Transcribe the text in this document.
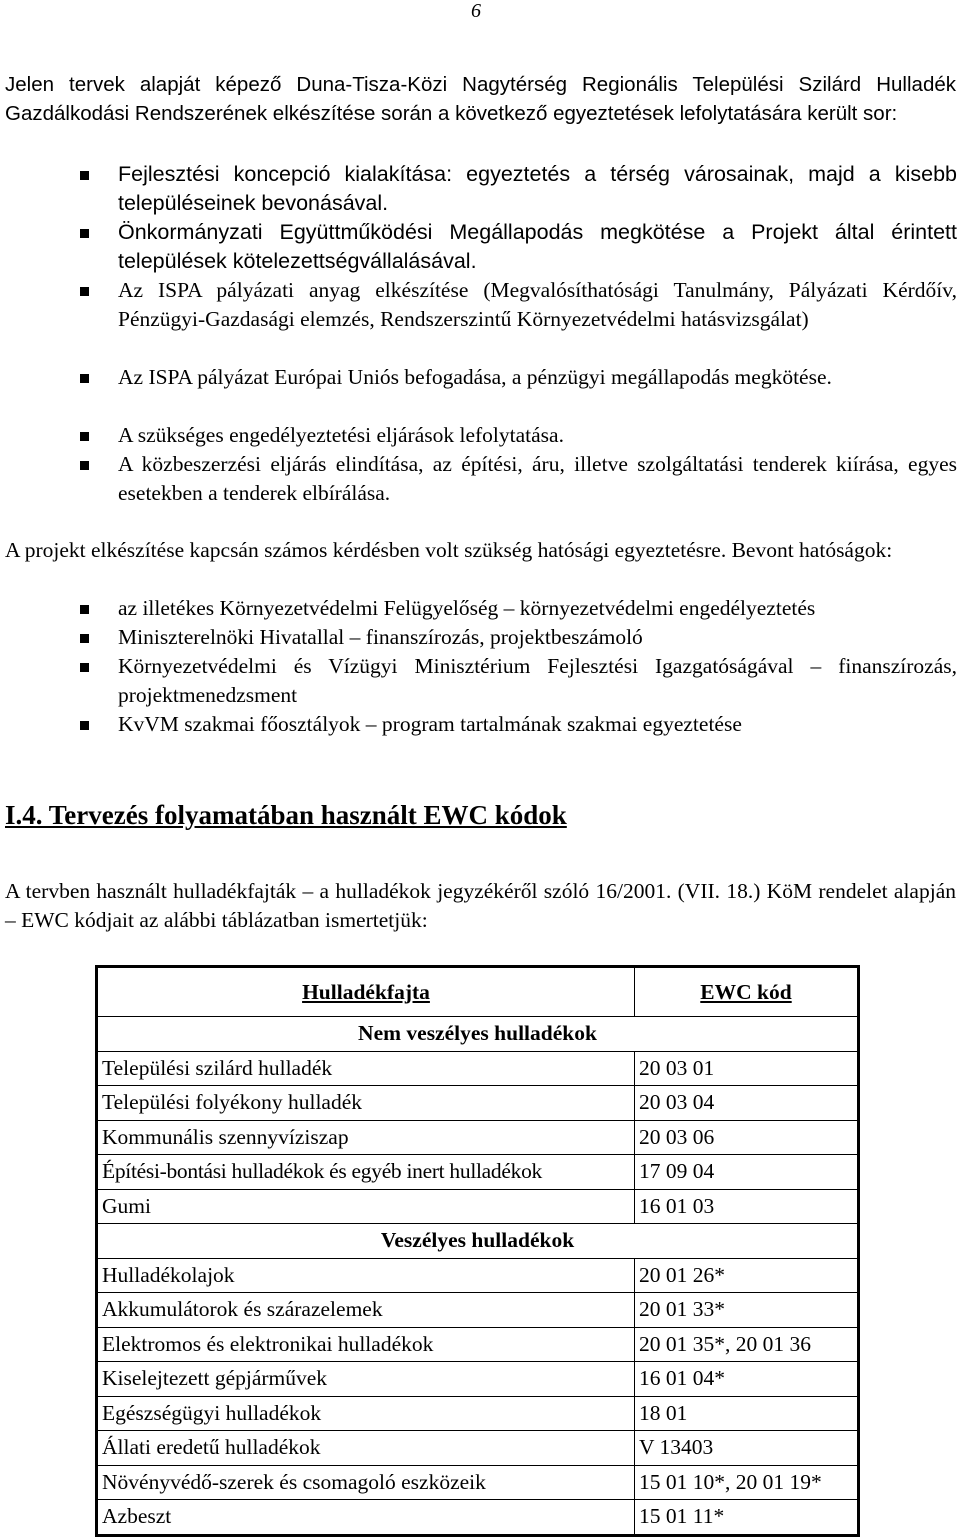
6

Jelen tervek alapját képező Duna-Tisza-Közi Nagytérség Regionális Települési Szilárd Hulladék Gazdálkodási Rendszerének elkészítése során a következő egyeztetések lefolytatására került sor:

Fejlesztési koncepció kialakítása: egyeztetés a térség városainak, majd a kisebb településeinek bevonásával.

Önkormányzati Együttműködési Megállapodás megkötése a Projekt által érintett települések kötelezettségvállalásával.

Az ISPA pályázati anyag elkészítése (Megvalósíthatósági Tanulmány, Pályázati Kérdőív, Pénzügyi-Gazdasági elemzés, Rendszerszintű Környezetvédelmi hatásvizsgálat)

Az ISPA pályázat Európai Uniós befogadása, a pénzügyi megállapodás megkötése.

A szükséges engedélyeztetési eljárások lefolytatása.

A közbeszerzési eljárás elindítása, az építési, áru, illetve szolgáltatási tenderek kiírása, egyes esetekben a tenderek elbírálása.

A projekt elkészítése kapcsán számos kérdésben volt szükség hatósági egyeztetésre. Bevont hatóságok:

az illetékes Környezetvédelmi Felügyelőség – környezetvédelmi engedélyeztetés

Miniszterelnöki Hivatallal – finanszírozás, projektbeszámoló

Környezetvédelmi és Vízügyi Minisztérium Fejlesztési Igazgatóságával – finanszírozás, projektmenedzsment

KvVM szakmai főosztályok – program tartalmának szakmai egyeztetése

I.4. Tervezés folyamatában használt EWC kódok

A tervben használt hulladékfajták – a hulladékok jegyzékéről szóló 16/2001. (VII. 18.) KöM rendelet alapján – EWC kódjait az alábbi táblázatban ismertetjük:

Hulladékfajta	EWC kód
Nem veszélyes hulladékok	
Települési szilárd hulladék	20 03 01
Települési folyékony hulladék	20 03 04
Kommunális szennyvíziszap	20 03 06
Építési-bontási hulladékok és egyéb inert hulladékok	17 09 04
Gumi	16 01 03
Veszélyes hulladékok	
Hulladékolajok	20 01 26*
Akkumulátorok és szárazelemek	20 01 33*
Elektromos és elektronikai hulladékok	20 01 35*, 20 01 36
Kiselejtezett gépjárművek	16 01 04*
Egészségügyi hulladékok	18 01
Állati eredetű hulladékok	V 13403
Növényvédő-szerek és csomagoló eszközeik	15 01 10*, 20 01 19*
Azbeszt	15 01 11*
